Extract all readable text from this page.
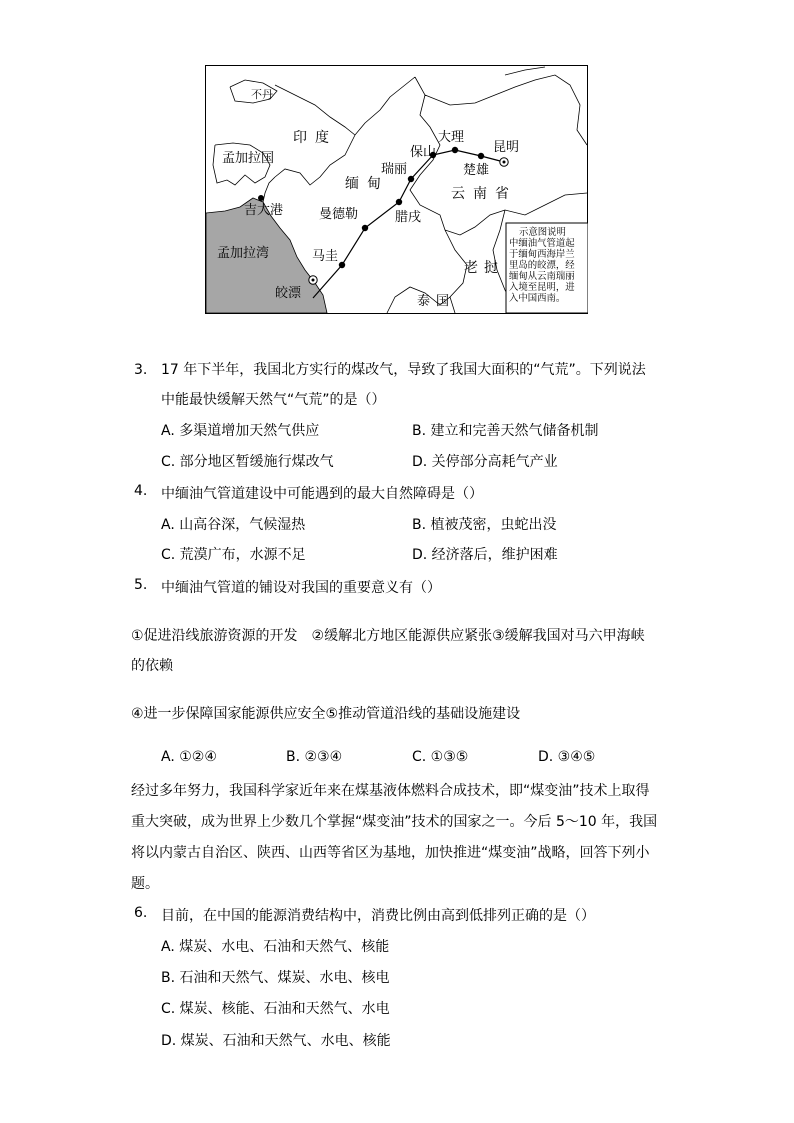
不丹
印度
孟加拉国
吉大港
孟加拉湾
缅甸
曼德勒
马圭
皎漂
瑞丽
保山
大理
楚雄
昆明
云南省
腊戌
老挝
泰国
示意图说明
中缅油气管道起
于缅甸西海岸兰
里岛的皎漂，经
缅甸从云南瑞丽
入境至昆明，进
入中国西南。
3. 17 年下半年，我国北方实行的煤改气，导致了我国大面积的“气荒”。下列说法
中能最快缓解天然气“气荒”的是（）
A. 多渠道增加天然气供应	B. 建立和完善天然气储备机制
C. 部分地区暂缓施行煤改气	D. 关停部分高耗气产业
4. 中缅油气管道建设中可能遇到的最大自然障碍是（）
A. 山高谷深，气候湿热	B. 植被茂密，虫蛇出没
C. 荒漠广布，水源不足	D. 经济落后，维护困难
5. 中缅油气管道的铺设对我国的重要意义有（）
①促进沿线旅游资源的开发　②缓解北方地区能源供应紧张③缓解我国对马六甲海峡
的依赖
④进一步保障国家能源供应安全⑤推动管道沿线的基础设施建设
A. ①②④	B. ②③④	C. ①③⑤	D. ③④⑤
经过多年努力，我国科学家近年来在煤基液体燃料合成技术，即“煤变油”技术上取得
重大突破，成为世界上少数几个掌握“煤变油”技术的国家之一。今后 5～10 年，我国
将以内蒙古自治区、陕西、山西等省区为基地，加快推进“煤变油”战略，回答下列小
题。
6. 目前，在中国的能源消费结构中，消费比例由高到低排列正确的是（）
A. 煤炭、水电、石油和天然气、核能
B. 石油和天然气、煤炭、水电、核电
C. 煤炭、核能、石油和天然气、水电
D. 煤炭、石油和天然气、水电、核能
